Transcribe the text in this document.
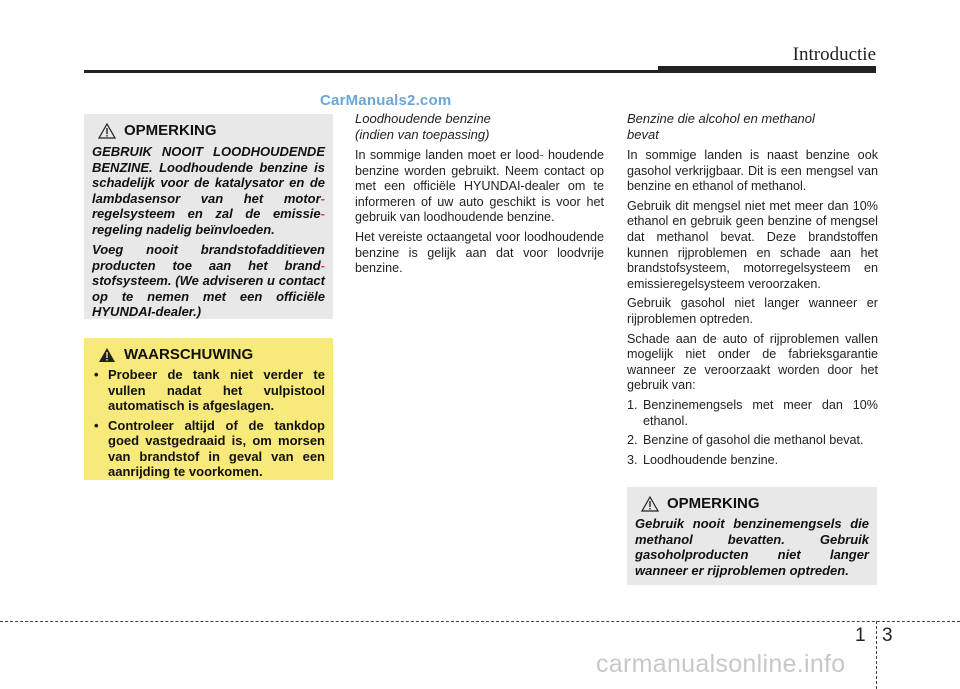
Introductie
CarManuals2.com
OPMERKING

GEBRUIK NOOIT LOODHOUDENDE BENZINE. Loodhoudende benzine is schadelijk voor de katalysator en de lambdasensor van het motor- regelsysteem en zal de emissie- regeling nadelig beïnvloeden.

Voeg nooit brandstofadditieven producten toe aan het brand- stofsysteem. (We adviseren u contact op te nemen met een officiële HYUNDAI-dealer.)

WAARSCHUWING
• Probeer de tank niet verder te vullen nadat het vulpistool automatisch is afgeslagen.
• Controleer altijd of de tankdop goed vastgedraaid is, om morsen van brandstof in geval van een aanrijding te voorkomen.
Loodhoudende benzine
(indien van toepassing)

In sommige landen moet er lood- houdende benzine worden gebruikt. Neem contact op met een officiële HYUNDAI-dealer om te informeren of uw auto geschikt is voor het gebruik van loodhoudende benzine.

Het vereiste octaangetal voor loodhoudende benzine is gelijk aan dat voor loodvrije benzine.

Benzine die alcohol en methanol
bevat

In sommige landen is naast benzine ook gasohol verkrijgbaar. Dit is een mengsel van benzine en ethanol of methanol.

Gebruik dit mengsel niet met meer dan 10% ethanol en gebruik geen benzine of mengsel dat methanol bevat. Deze brandstoffen kunnen rijproblemen en schade aan het brandstofsysteem, motorregelsysteem en emissieregelsysteem veroorzaken.

Gebruik gasohol niet langer wanneer er rijproblemen optreden.

Schade aan de auto of rijproblemen vallen mogelijk niet onder de fabrieksgarantie wanneer ze veroorzaakt worden door het gebruik van:

1. Benzinemengsels met meer dan 10% ethanol.
2. Benzine of gasohol die methanol bevat.
3. Loodhoudende benzine.
OPMERKING

Gebruik nooit benzinemengsels die methanol bevatten. Gebruik gasoholproducten niet langer wanneer er rijproblemen optreden.

1 3
carmanualsonline.info
